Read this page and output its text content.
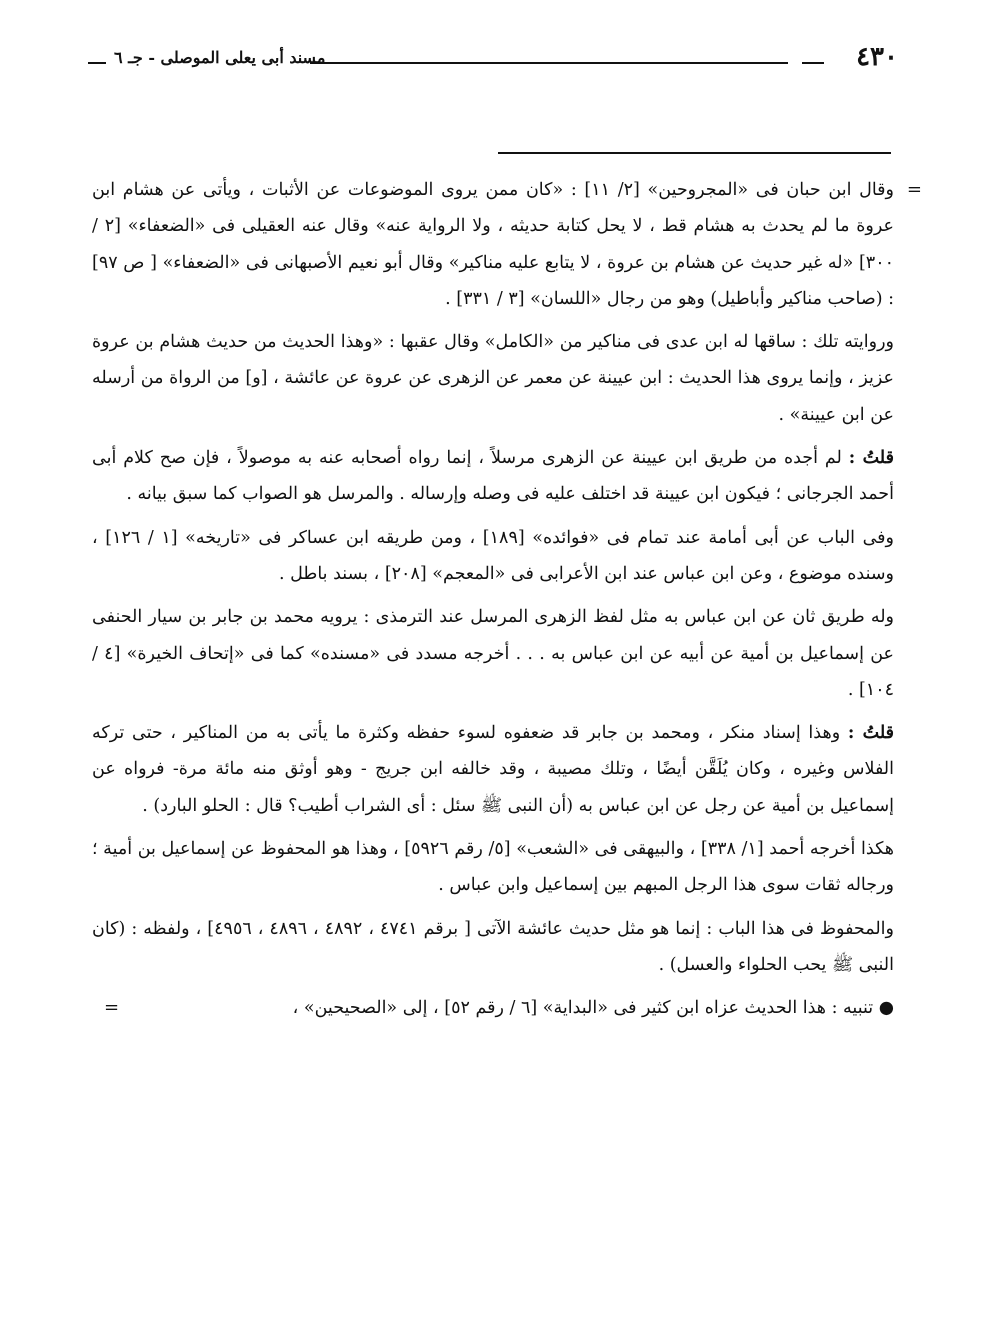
٤٣٠
مسند أبى يعلى الموصلى - جـ ٦
=
وقال ابن حبان فى «المجروحين» [٢/ ١١] : «كان ممن يروى الموضوعات عن الأثبات ، ويأتى عن هشام ابن عروة ما لم يحدث به هشام قط ، لا يحل كتابة حديثه ، ولا الرواية عنه» وقال عنه العقيلى فى «الضعفاء» [٢ / ٣٠٠] «له غير حديث عن هشام بن عروة ، لا يتابع عليه مناكير» وقال أبو نعيم الأصبهانى فى «الضعفاء» [ ص ٩٧] : (صاحب مناكير وأباطيل) وهو من رجال «اللسان» [٣ / ٣٣١] .
وروايته تلك : ساقها له ابن عدى فى مناكير من «الكامل» وقال عقبها : «وهذا الحديث من حديث هشام بن عروة عزيز ، وإنما يروى هذا الحديث : ابن عيينة عن معمر عن الزهرى عن عروة عن عائشة ، [و] من الرواة من أرسله عن ابن عيينة» .
قلتُ : لم أجده من طريق ابن عيينة عن الزهرى مرسلاً ، إنما رواه أصحابه عنه به موصولاً ، فإن صح كلام أبى أحمد الجرجانى ؛ فيكون ابن عيينة قد اختلف عليه فى وصله وإرساله . والمرسل هو الصواب كما سبق بيانه .
وفى الباب عن أبى أمامة عند تمام فى «فوائده» [١٨٩] ، ومن طريقه ابن عساكر فى «تاريخه» [١ / ١٢٦] ، وسنده موضوع ، وعن ابن عباس عند ابن الأعرابى فى «المعجم» [٢٠٨] ، بسند باطل .
وله طريق ثان عن ابن عباس به مثل لفظ الزهرى المرسل عند الترمذى : يرويه محمد بن جابر بن سيار الحنفى عن إسماعيل بن أمية عن أبيه عن ابن عباس به . . . أخرجه مسدد فى «مسنده» كما فى «إتحاف الخيرة» [٤ / ١٠٤] .
قلتُ : وهذا إسناد منكر ، ومحمد بن جابر قد ضعفوه لسوء حفظه وكثرة ما يأتى به من المناكير ، حتى تركه الفلاس وغيره ، وكان يُلَقَّن أيضًا ، وتلك مصيبة ، وقد خالفه ابن جريج - وهو أوثق منه مائة مرة- فرواه عن إسماعيل بن أمية عن رجل عن ابن عباس به (أن النبى ﷺ سئل : أى الشراب أطيب؟ قال : الحلو البارد) .
هكذا أخرجه أحمد [١/ ٣٣٨] ، والبيهقى فى «الشعب» [٥/ رقم ٥٩٢٦] ، وهذا هو المحفوظ عن إسماعيل بن أمية ؛ ورجاله ثقات سوى هذا الرجل المبهم بين إسماعيل وابن عباس .
والمحفوظ فى هذا الباب : إنما هو مثل حديث عائشة الآتى [ برقم ٤٧٤١ ، ٤٨٩٢ ، ٤٨٩٦ ، ٤٩٥٦] ، ولفظه : (كان النبى ﷺ يحب الحلواء والعسل) .
● تنبيه : هذا الحديث عزاه ابن كثير فى «البداية» [٦ / رقم ٥٢] ، إلى «الصحيحين» ،
=
